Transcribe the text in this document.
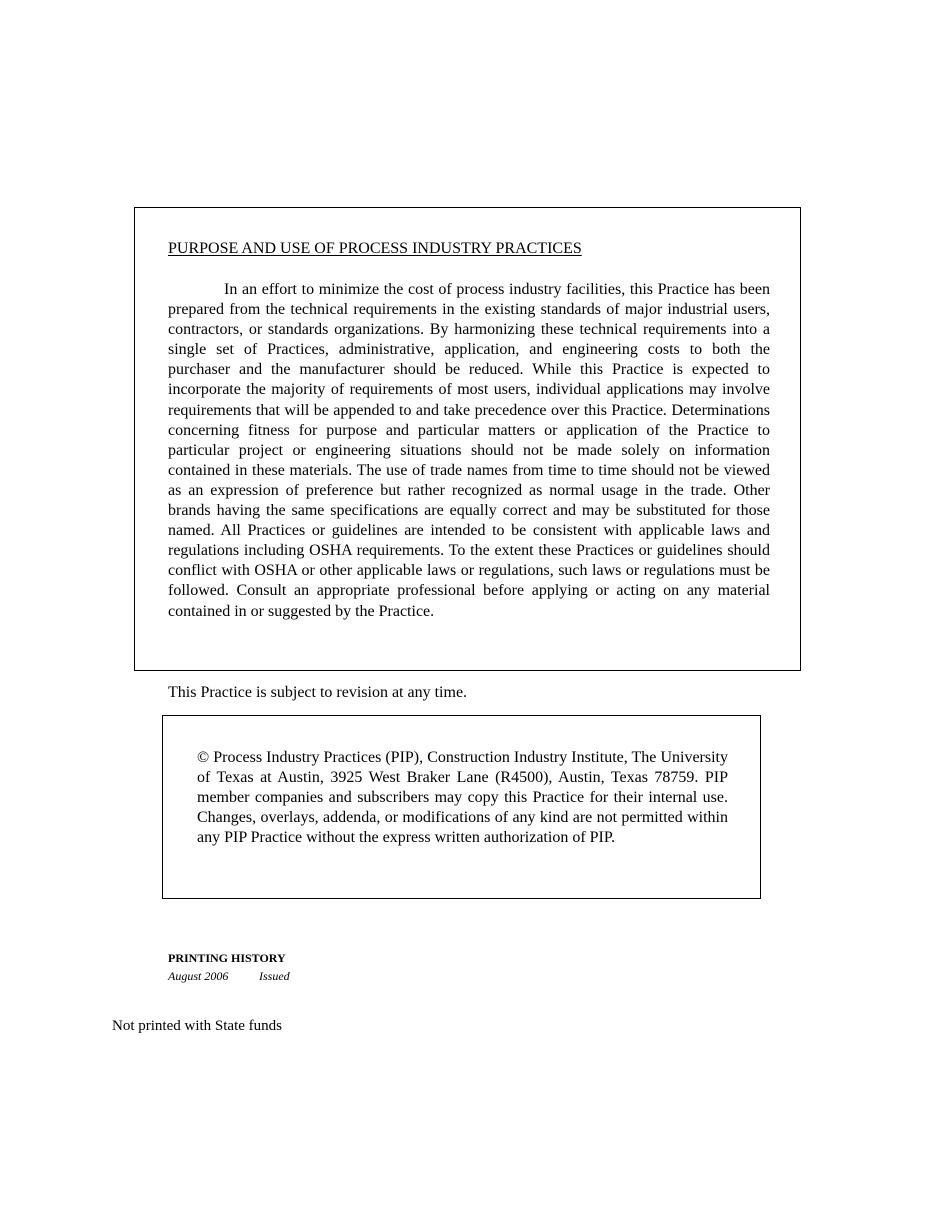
PURPOSE AND USE OF PROCESS INDUSTRY PRACTICES

In an effort to minimize the cost of process industry facilities, this Practice has been prepared from the technical requirements in the existing standards of major industrial users, contractors, or standards organizations. By harmonizing these technical requirements into a single set of Practices, administrative, application, and engineering costs to both the purchaser and the manufacturer should be reduced. While this Practice is expected to incorporate the majority of requirements of most users, individual applications may involve requirements that will be appended to and take precedence over this Practice. Determinations concerning fitness for purpose and particular matters or application of the Practice to particular project or engineering situations should not be made solely on information contained in these materials. The use of trade names from time to time should not be viewed as an expression of preference but rather recognized as normal usage in the trade. Other brands having the same specifications are equally correct and may be substituted for those named. All Practices or guidelines are intended to be consistent with applicable laws and regulations including OSHA requirements. To the extent these Practices or guidelines should conflict with OSHA or other applicable laws or regulations, such laws or regulations must be followed. Consult an appropriate professional before applying or acting on any material contained in or suggested by the Practice.

This Practice is subject to revision at any time.

© Process Industry Practices (PIP), Construction Industry Institute, The University of Texas at Austin, 3925 West Braker Lane (R4500), Austin, Texas 78759. PIP member companies and subscribers may copy this Practice for their internal use. Changes, overlays, addenda, or modifications of any kind are not permitted within any PIP Practice without the express written authorization of PIP.

PRINTING HISTORY

August 2006	Issued

Not printed with State funds
